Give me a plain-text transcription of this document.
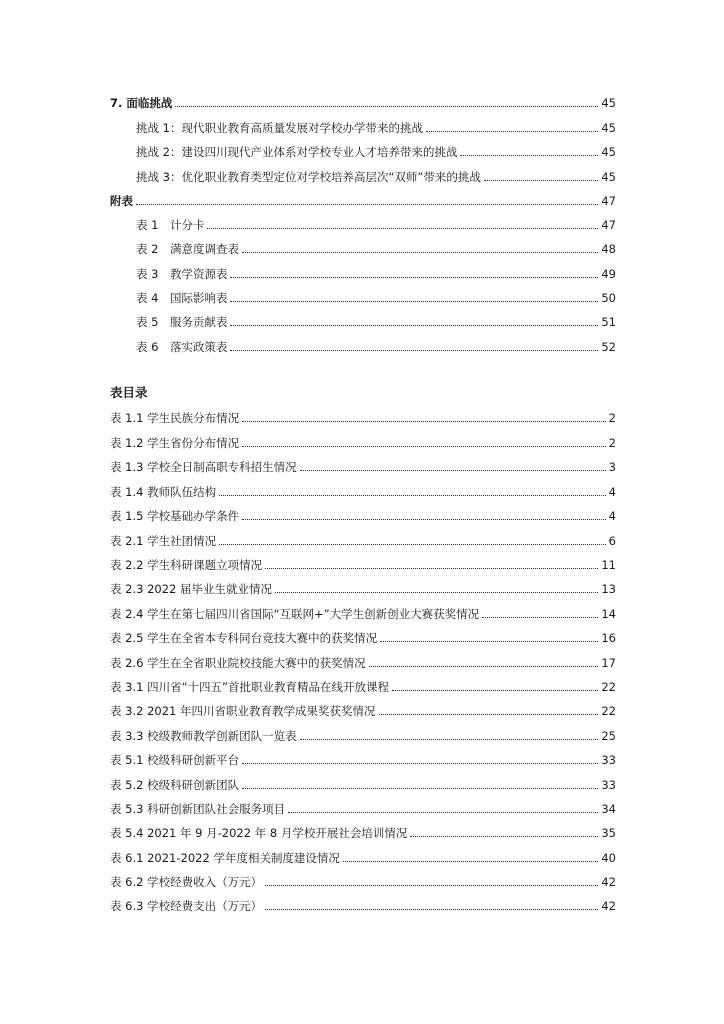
7. 面临挑战	45
挑战 1：现代职业教育高质量发展对学校办学带来的挑战	45
挑战 2：建设四川现代产业体系对学校专业人才培养带来的挑战	45
挑战 3：优化职业教育类型定位对学校培养高层次“双师”带来的挑战	45
附表	47
表 1　计分卡	47
表 2　满意度调查表	48
表 3　教学资源表	49
表 4　国际影响表	50
表 5　服务贡献表	51
表 6　落实政策表	52
表目录
表 1.1 学生民族分布情况	2
表 1.2 学生省份分布情况	2
表 1.3 学校全日制高职专科招生情况	3
表 1.4 教师队伍结构	4
表 1.5 学校基础办学条件	4
表 2.1 学生社团情况	6
表 2.2 学生科研课题立项情况	11
表 2.3 2022 届毕业生就业情况	13
表 2.4 学生在第七届四川省国际“互联网+”大学生创新创业大赛获奖情况	14
表 2.5 学生在全省本专科同台竞技大赛中的获奖情况	16
表 2.6 学生在全省职业院校技能大赛中的获奖情况	17
表 3.1 四川省“十四五”首批职业教育精品在线开放课程	22
表 3.2 2021 年四川省职业教育教学成果奖获奖情况	22
表 3.3 校级教师教学创新团队一览表	25
表 5.1 校级科研创新平台	33
表 5.2 校级科研创新团队	33
表 5.3 科研创新团队社会服务项目	34
表 5.4 2021 年 9 月-2022 年 8 月学校开展社会培训情况	35
表 6.1 2021-2022 学年度相关制度建设情况	40
表 6.2 学校经费收入（万元）	42
表 6.3 学校经费支出（万元）	42
